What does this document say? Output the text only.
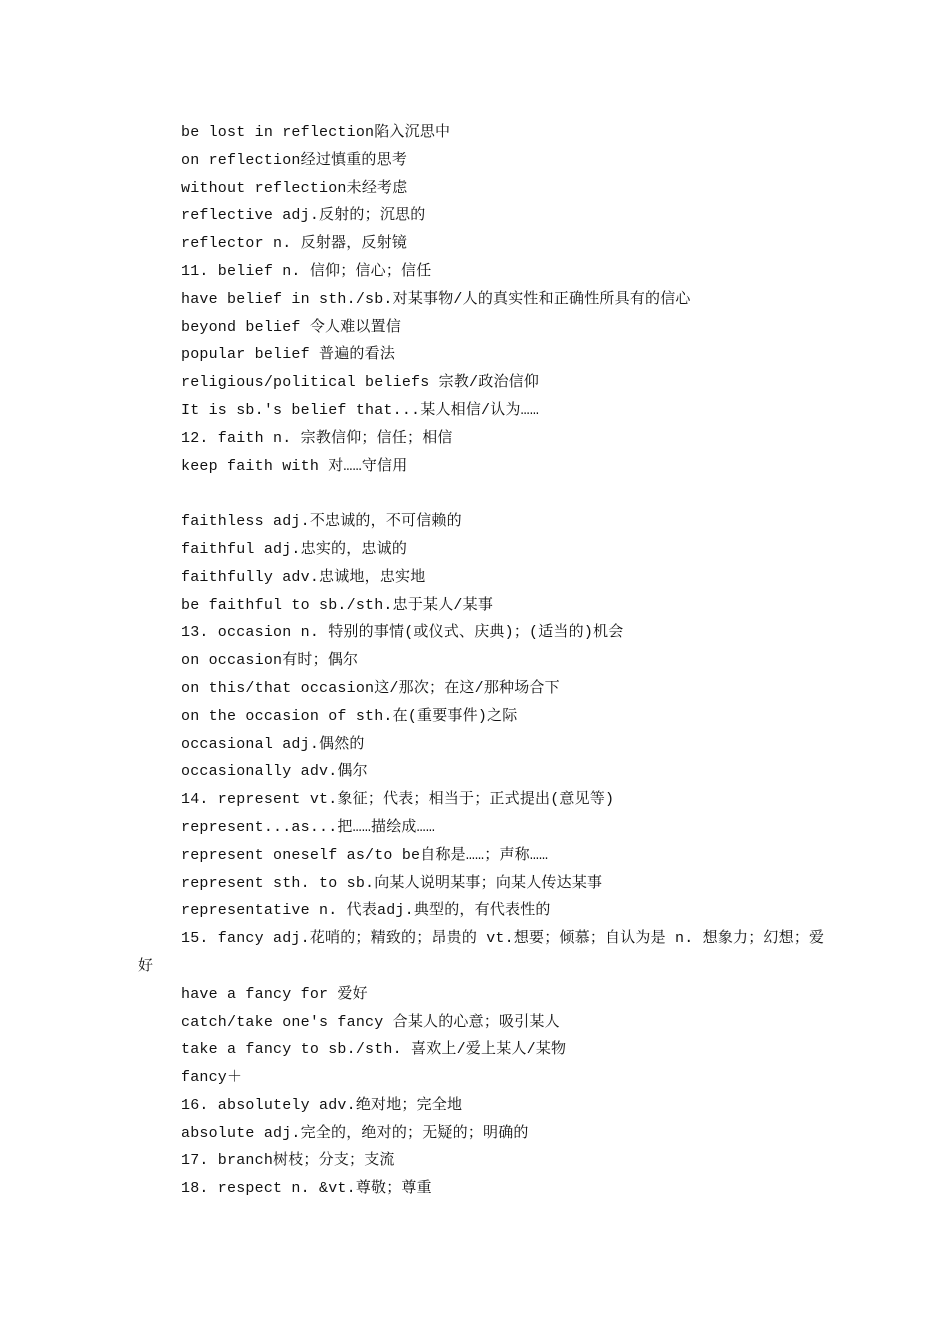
be lost in reflection陷入沉思中
on reflection经过慎重的思考
without reflection未经考虑
reflective adj.反射的；沉思的
reflector n. 反射器，反射镜
11. belief n. 信仰；信心；信任
have belief in sth./sb.对某事物/人的真实性和正确性所具有的信心
beyond belief 令人难以置信
popular belief 普遍的看法
religious/political beliefs 宗教/政治信仰
It is sb.'s belief that...某人相信/认为……
12. faith n. 宗教信仰；信任；相信
keep faith with 对……守信用
faithless adj.不忠诚的，不可信赖的
faithful adj.忠实的，忠诚的
faithfully adv.忠诚地，忠实地
be faithful to sb./sth.忠于某人/某事
13. occasion n. 特别的事情(或仪式、庆典)；(适当的)机会
on occasion有时；偶尔
on this/that occasion这/那次；在这/那种场合下
on the occasion of sth.在(重要事件)之际
occasional adj.偶然的
occasionally adv.偶尔
14. represent vt.象征；代表；相当于；正式提出(意见等)
represent...as...把……描绘成……
represent oneself as/to be自称是……；声称……
represent sth. to sb.向某人说明某事；向某人传达某事
representative n. 代表adj.典型的，有代表性的
15. fancy adj.花哨的；精致的；昂贵的 vt.想要；倾慕；自认为是 n. 想象力；幻想；爱好
have a fancy for 爱好
catch/take one's fancy 合某人的心意；吸引某人
take a fancy to sb./sth. 喜欢上/爱上某人/某物
fancy＋
16. absolutely adv.绝对地；完全地
absolute adj.完全的，绝对的；无疑的；明确的
17. branch树枝；分支；支流
18. respect n. &vt.尊敬；尊重
